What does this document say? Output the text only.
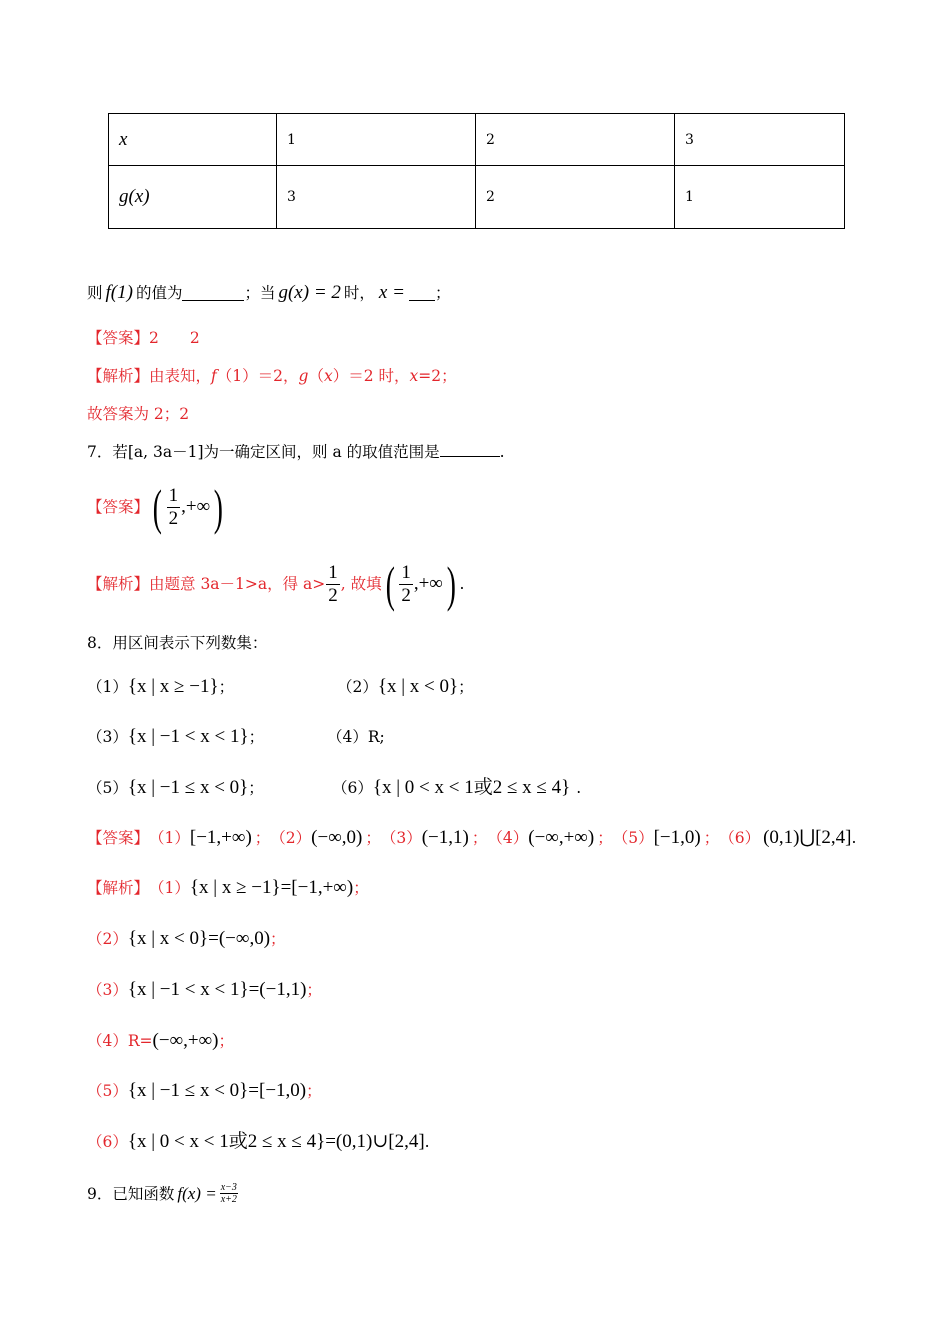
x	1	2	3
g(x)	3	2	1
则 f(1) 的值为	；当 g(x) = 2 时， x = ；
【答案】2　　2
【解析】由表知，f（1）＝2，g（x）＝2 时，x=2；
故答案为 2；2
7．若[a, 3a－1]为一确定区间，则 a 的取值范围是	.
【答案】 ( $\frac{1}{2}$ ,+∞ )
【解析】 由题意 3a－1>a，得 $a> \frac{1}{2}$ , 故填 ( $\frac{1}{2}$ ,+∞ ) .
8．用区间表示下列数集：
（1） {x | x ≥ −1} ；	（2） {x | x < 0} ；
（3） {x | −1 < x < 1} ；	（4） R;
（5） {x | −1 ≤ x < 0} ；	（6） {x | 0 < x < 1或2 ≤ x ≤ 4} .
【答案】 （1） [−1,+∞) ； （2） (−∞,0) ； （3） (−1,1) ； （4） (−∞,+∞) ； （5） [−1,0) ； （6） (0,1)⋃[2,4] .
【解析】 （1） {x | x ≥ −1}= [−1,+∞) ；
（2） {x | x < 0}= (−∞,0) ；
（3） {x | −1 < x < 1}= (−1,1) ；
（4） R= (−∞,+∞) ；
（5） {x | −1 ≤ x < 0}= [−1,0) ；
（6） {x | 0 < x < 1或2 ≤ x ≤ 4}= (0,1)∪[2,4] .
9．已知函数 $f(x) = \frac{x-3}{x+2}$
